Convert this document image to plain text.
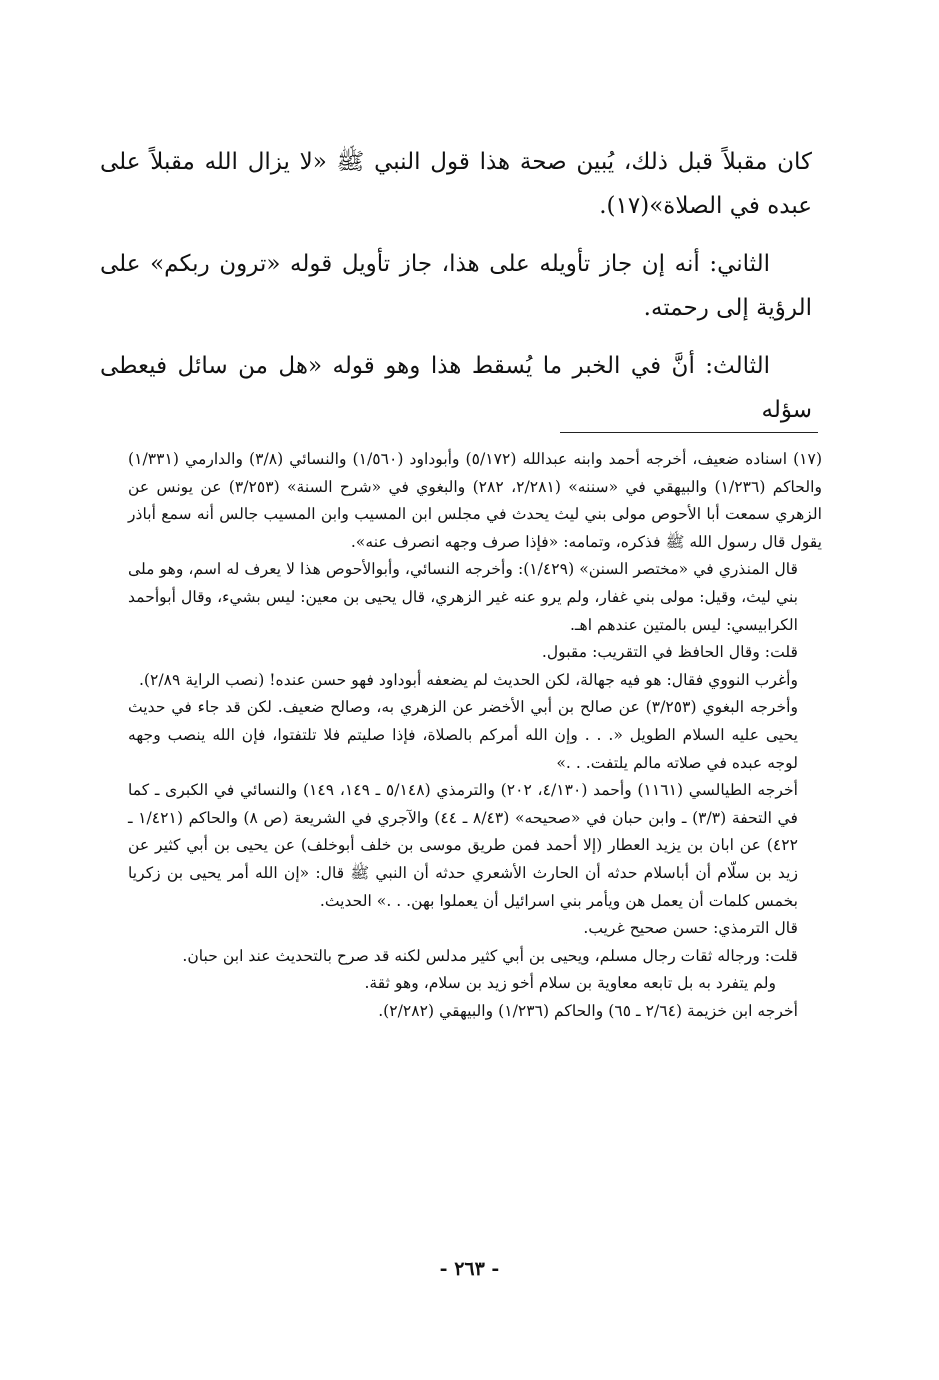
كان مقبلاً قبل ذلك، يُبين صحة هذا قول النبي ﷺ «لا يزال الله مقبلاً على عبده في الصلاة»(١٧).

الثاني: أنه إن جاز تأويله على هذا، جاز تأويل قوله «ترون ربكم» على الرؤية إلى رحمته.

الثالث: أنَّ في الخبر ما يُسقط هذا وهو قوله «هل من سائل فيعطى سؤله

(١٧) اسناده ضعيف، أخرجه أحمد وابنه عبدالله (٥/١٧٢) وأبوداود (١/٥٦٠) والنسائي (٣/٨) والدارمي (١/٣٣١) والحاكم (١/٢٣٦) والبيهقي في «سننه» (٢/٢٨١، ٢٨٢) والبغوي في «شرح السنة» (٣/٢٥٣) عن يونس عن الزهري سمعت أبا الأحوص مولى بني ليث يحدث في مجلس ابن المسيب وابن المسيب جالس أنه سمع أباذر يقول قال رسول الله ﷺ فذكره، وتمامه: «فإذا صرف وجهه انصرف عنه».

قال المنذري في «مختصر السنن» (١/٤٢٩): وأخرجه النسائي، وأبوالأحوص هذا لا يعرف له اسم، وهو ملى بني ليث، وقيل: مولى بني غفار، ولم يرو عنه غير الزهري، قال يحيى بن معين: ليس بشيء، وقال أبوأحمد الكرابيسي: ليس بالمتين عندهم اهـ.

قلت: وقال الحافظ في التقريب: مقبول.

وأغرب النووي فقال: هو فيه جهالة، لكن الحديث لم يضعفه أبوداود فهو حسن عنده! (نصب الراية ٢/٨٩).

وأخرجه البغوي (٣/٢٥٣) عن صالح بن أبي الأخضر عن الزهري به، وصالح ضعيف. لكن قد جاء في حديث يحيى عليه السلام الطويل «. . . وإن الله أمركم بالصلاة، فإذا صليتم فلا تلتفتوا، فإن الله ينصب وجهه لوجه عبده في صلاته مالم يلتفت. . .»

أخرجه الطيالسي (١١٦١) وأحمد (٤/١٣٠، ٢٠٢) والترمذي (٥/١٤٨ ـ ١٤٩، ١٤٩) والنسائي في الكبرى ـ كما في التحفة (٣/٣) ـ وابن حبان في «صحيحه» (٨/٤٣ ـ ٤٤) والآجري في الشريعة (ص ٨) والحاكم (١/٤٢١ ـ ٤٢٢) عن ابان بن يزيد العطار (إلا أحمد فمن طريق موسى بن خلف أبوخلف) عن يحيى بن أبي كثير عن زيد بن سلّام أن أباسلام حدثه أن الحارث الأشعري حدثه أن النبي ﷺ قال: «إن الله أمر يحيى بن زكريا بخمس كلمات أن يعمل هن ويأمر بني اسرائيل أن يعملوا بهن. . .» الحديث.

قال الترمذي: حسن صحيح غريب.

قلت: ورجاله ثقات رجال مسلم، ويحيى بن أبي كثير مدلس لكنه قد صرح بالتحديث عند ابن حبان.

ولم يتفرد به بل تابعه معاوية بن سلام أخو زيد بن سلام، وهو ثقة.

أخرجه ابن خزيمة (٢/٦٤ ـ ٦٥) والحاكم (١/٢٣٦) والبيهقي (٢/٢٨٢).

- ٢٦٣ -
